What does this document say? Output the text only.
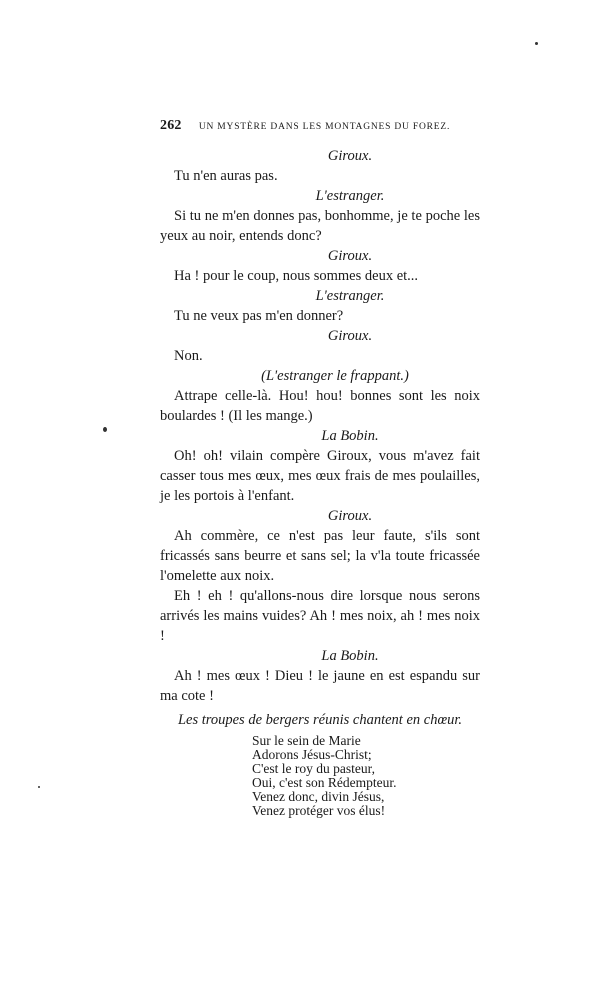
262 UN MYSTÈRE DANS LES MONTAGNES DU FOREZ.
Giroux.
Tu n'en auras pas.
L'estranger.
Si tu ne m'en donnes pas, bonhomme, je te poche les yeux au noir, entends donc?
Giroux.
Ha ! pour le coup, nous sommes deux et...
L'estranger.
Tu ne veux pas m'en donner?
Giroux.
Non.
(L'estranger le frappant.)
Attrape celle-là. Hou! hou! bonnes sont les noix boulardes ! (Il les mange.)
La Bobin.
Oh! oh! vilain compère Giroux, vous m'avez fait casser tous mes œux, mes œux frais de mes poulailles, je les portois à l'enfant.
Giroux.
Ah commère, ce n'est pas leur faute, s'ils sont fricassés sans beurre et sans sel; la v'la toute fricassée l'omelette aux noix.
Eh ! eh ! qu'allons-nous dire lorsque nous serons arrivés les mains vuides? Ah ! mes noix, ah ! mes noix !
La Bobin.
Ah ! mes œux ! Dieu ! le jaune en est espandu sur ma cote !
Les troupes de bergers réunis chantent en chœur.
Sur le sein de Marie
Adorons Jésus-Christ;
C'est le roy du pasteur,
Oui, c'est son Rédempteur.
Venez donc, divin Jésus,
Venez protéger vos élus!
